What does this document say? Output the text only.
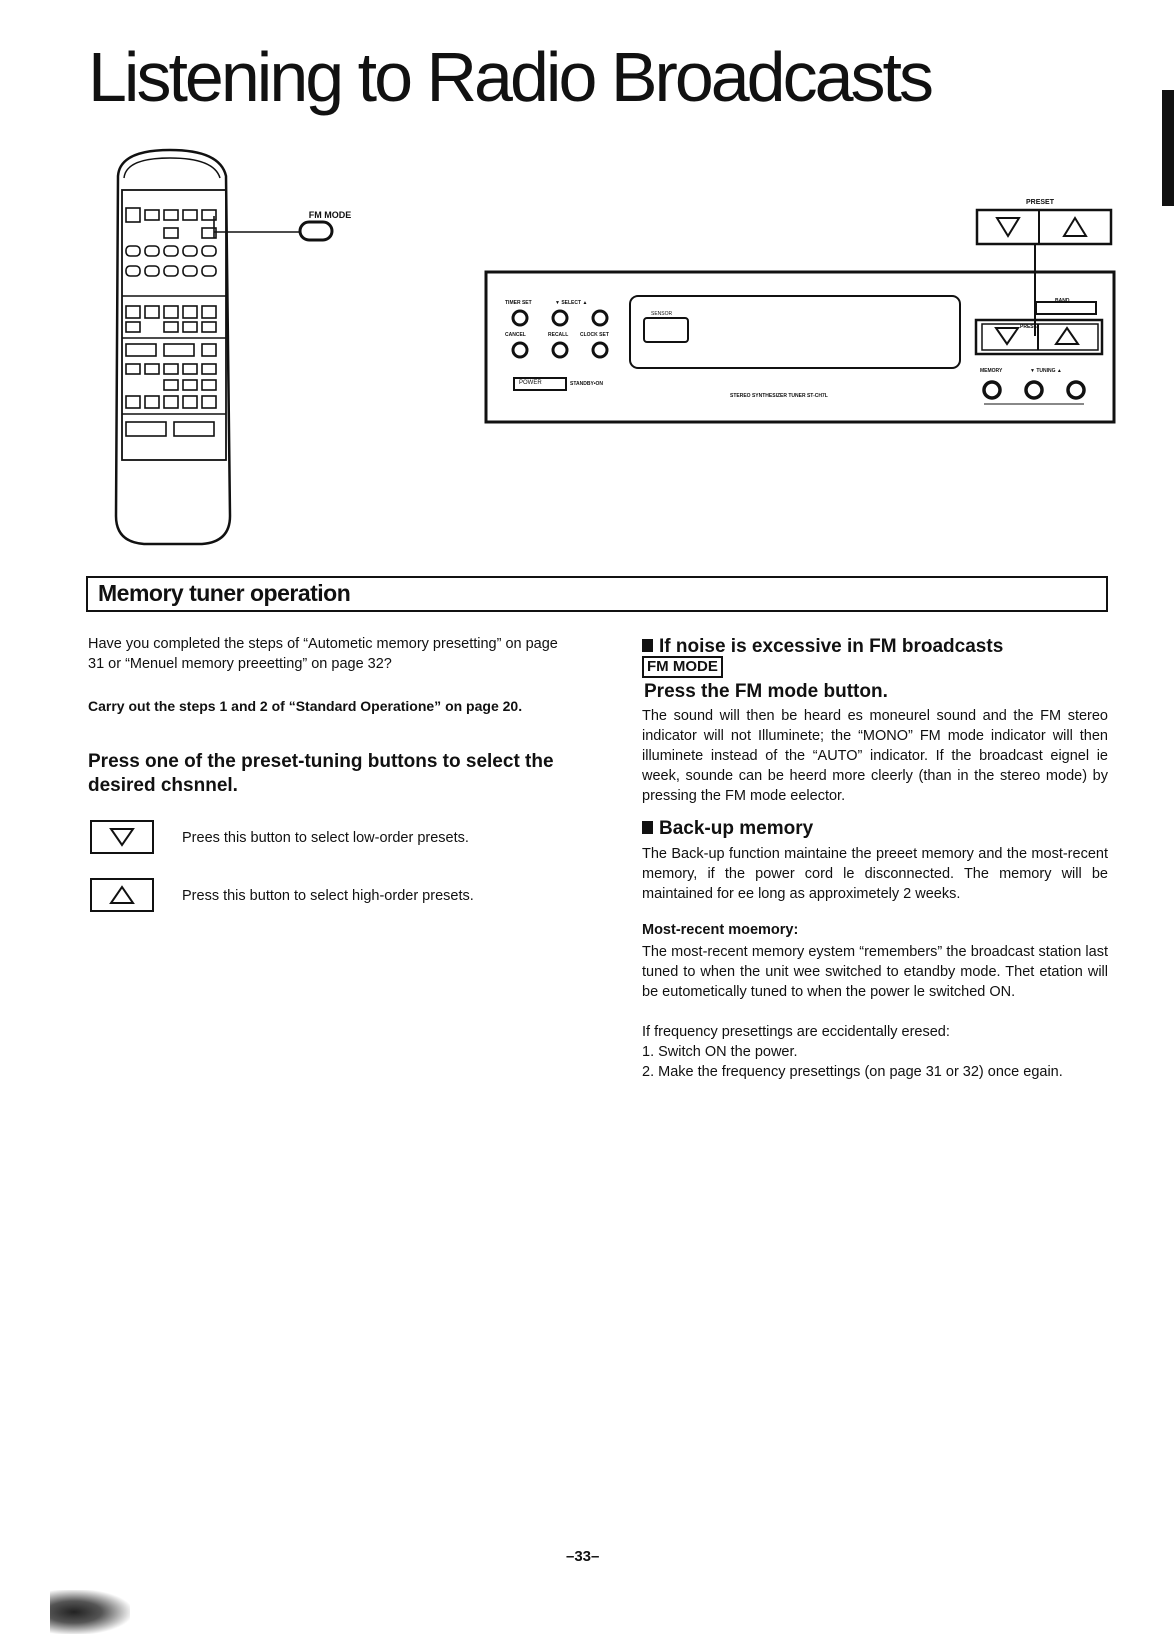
Listening to Radio Broadcasts
FM MODE
PRESET
TIMER SET	▼ SELECT ▲
CANCEL	RECALL CLOCK SET
SENSOR
POWER	STANDBY•ON
STEREO SYNTHESIZER TUNER ST-CH7L
BAND
PRESET
MEMORY	▼ TUNING ▲
Memory tuner operation
Have you completed the steps of “Autometic memory presetting” on page 31 or “Menuel memory preeetting” on page 32?
Carry out the steps 1 and 2 of “Standard Operatione” on page 20.
Press one of the preset-tuning buttons to select the desired chsnnel.
Prees this button to select low-order presets.
Press this button to select high-order presets.
If noise is excessive in FM broadcasts
FM MODE
Press the FM mode button.
The sound will then be heard es moneurel sound and the FM stereo indicator will not Illuminete; the “MONO” FM mode indicator will then illuminete instead of the “AUTO” indicator. If the broadcast eignel ie week, sounde can be heerd more cleerly (than in the stereo mode) by pressing the FM mode eelector.
Back-up memory
The Back-up function maintaine the preeet memory and the most-recent memory, if the power cord le disconnected. The memory will be maintained for ee long as approximetely 2 weeks.
Most-recent moemory:
The most-recent memory eystem “remembers” the broadcast station last tuned to when the unit wee switched to etandby mode. Thet etation will be eutometically tuned to when the power le switched ON.
If frequency presettings are eccidentally eresed:
1. Switch ON the power.
2. Make the frequency presettings (on page 31 or 32) once egain.
–33–
